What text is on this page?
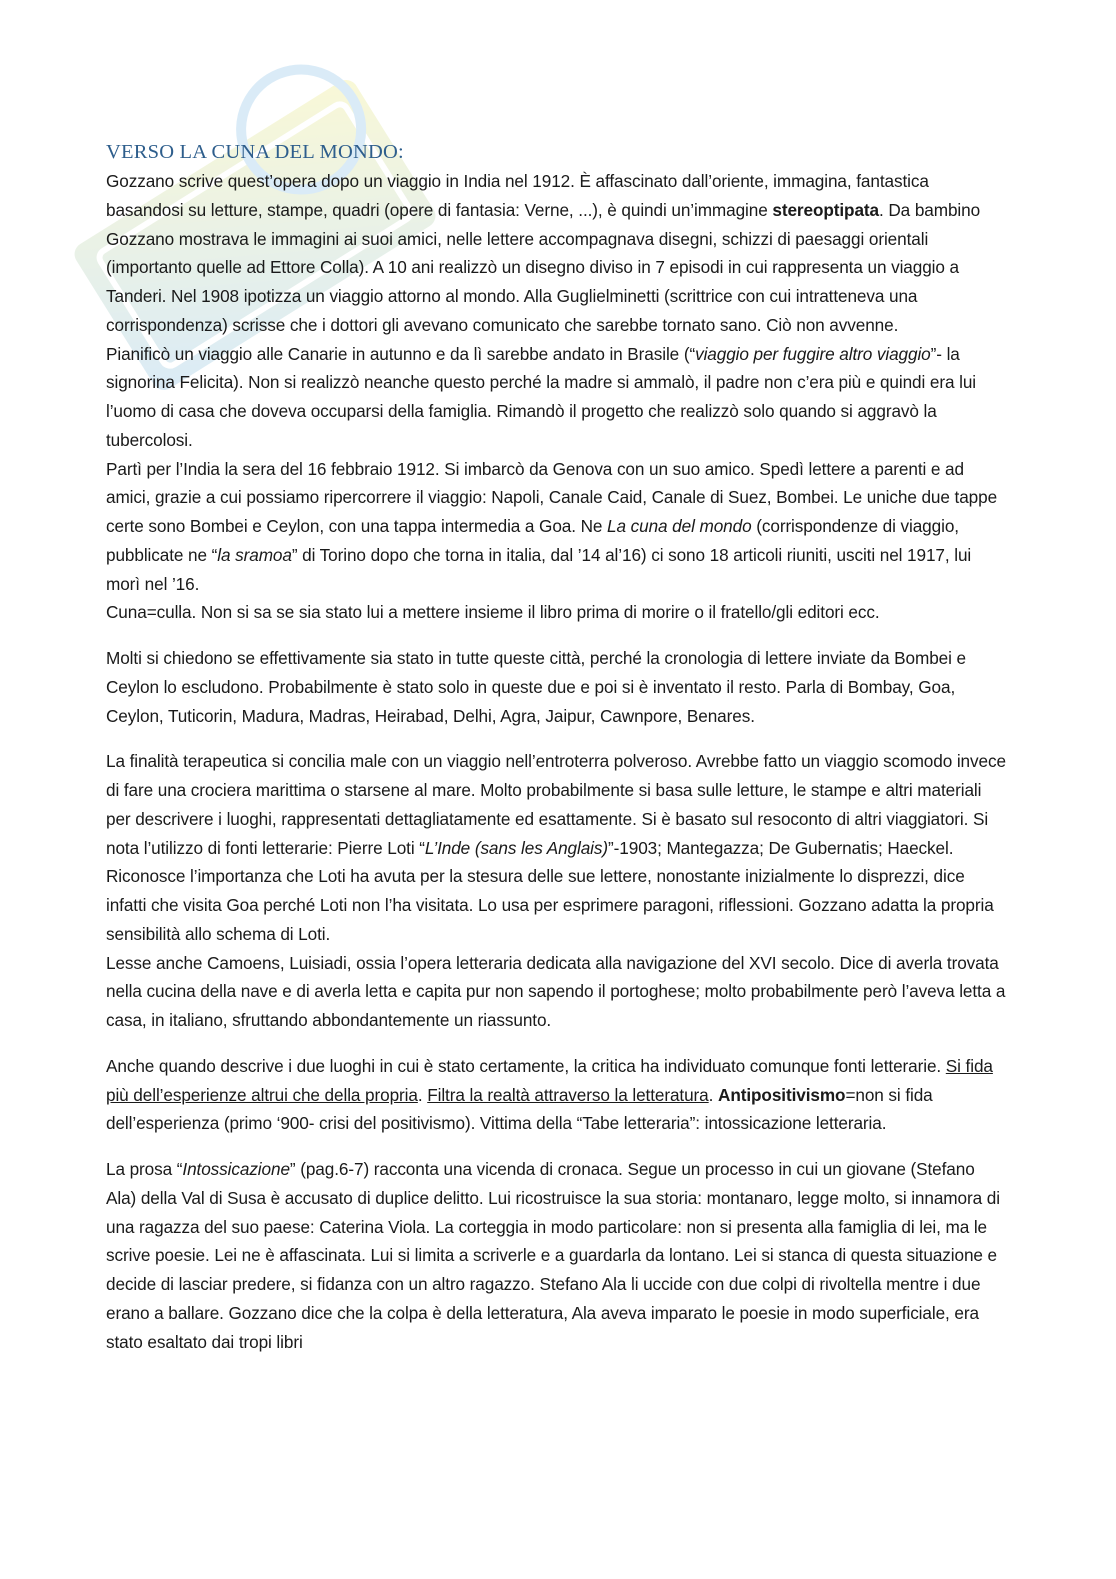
VERSO LA CUNA DEL MONDO:

Gozzano scrive quest’opera dopo un viaggio in India nel 1912. È affascinato dall’oriente, immagina, fantastica basandosi su letture, stampe, quadri (opere di fantasia: Verne, ...), è quindi un’immagine stereoptipata. Da bambino Gozzano mostrava le immagini ai suoi amici, nelle lettere accompagnava disegni, schizzi di paesaggi orientali (importanto quelle ad Ettore Colla). A 10 ani realizzò un disegno diviso in 7 episodi in cui rappresenta un viaggio a Tanderi. Nel 1908 ipotizza un viaggio attorno al mondo. Alla Guglielminetti (scrittrice con cui intratteneva una corrispondenza) scrisse che i dottori gli avevano comunicato che sarebbe tornato sano. Ciò non avvenne.

Pianificò un viaggio alle Canarie in autunno e da lì sarebbe andato in Brasile (“viaggio per fuggire altro viaggio”- la signorina Felicita). Non si realizzò neanche questo perché la madre si ammalò, il padre non c’era più e quindi era lui l’uomo di casa che doveva occuparsi della famiglia. Rimandò il progetto che realizzò solo quando si aggravò la tubercolosi.

Partì per l’India la sera del 16 febbraio 1912. Si imbarcò da Genova con un suo amico. Spedì lettere a parenti e ad amici, grazie a cui possiamo ripercorrere il viaggio: Napoli, Canale Caid, Canale di Suez, Bombei. Le uniche due tappe certe sono Bombei e Ceylon, con una tappa intermedia a Goa. Ne La cuna del mondo (corrispondenze di viaggio, pubblicate ne “la sramoa” di Torino dopo che torna in italia, dal ’14 al’16) ci sono 18 articoli riuniti, usciti nel 1917, lui morì nel ’16.

Cuna=culla. Non si sa se sia stato lui a mettere insieme il libro prima di morire o il fratello/gli editori ecc.

Molti si chiedono se effettivamente sia stato in tutte queste città, perché la cronologia di lettere inviate da Bombei e Ceylon lo escludono. Probabilmente è stato solo in queste due e poi si è inventato il resto. Parla di Bombay, Goa, Ceylon, Tuticorin, Madura, Madras, Heirabad, Delhi, Agra, Jaipur, Cawnpore, Benares.

La finalità terapeutica si concilia male con un viaggio nell’entroterra polveroso. Avrebbe fatto un viaggio scomodo invece di fare una crociera marittima o starsene al mare. Molto probabilmente si basa sulle letture, le stampe e altri materiali per descrivere i luoghi, rappresentati dettagliatamente ed esattamente. Si è basato sul resoconto di altri viaggiatori. Si nota l’utilizzo di fonti letterarie: Pierre Loti “L’Inde (sans les Anglais)”-1903; Mantegazza; De Gubernatis; Haeckel. Riconosce l’importanza che Loti ha avuta per la stesura delle sue lettere, nonostante inizialmente lo disprezzi, dice infatti che visita Goa perché Loti non l’ha visitata. Lo usa per esprimere paragoni, riflessioni. Gozzano adatta la propria sensibilità allo schema di Loti.

Lesse anche Camoens, Luisiadi, ossia l’opera letteraria dedicata alla navigazione del XVI secolo. Dice di averla trovata nella cucina della nave e di averla letta e capita pur non sapendo il portoghese; molto probabilmente però l’aveva letta a casa, in italiano, sfruttando abbondantemente un riassunto.

Anche quando descrive i due luoghi in cui è stato certamente, la critica ha individuato comunque fonti letterarie. Si fida più dell’esperienze altrui che della propria. Filtra la realtà attraverso la letteratura. Antipositivismo=non si fida dell’esperienza (primo ‘900- crisi del positivismo). Vittima della “Tabe letteraria”: intossicazione letteraria.

La prosa “Intossicazione” (pag.6-7) racconta una vicenda di cronaca. Segue un processo in cui un giovane (Stefano Ala) della Val di Susa è accusato di duplice delitto. Lui ricostruisce la sua storia: montanaro, legge molto, si innamora di una ragazza del suo paese: Caterina Viola. La corteggia in modo particolare: non si presenta alla famiglia di lei, ma le scrive poesie. Lei ne è affascinata. Lui si limita a scriverle e a guardarla da lontano. Lei si stanca di questa situazione e decide di lasciar predere, si fidanza con un altro ragazzo. Stefano Ala li uccide con due colpi di rivoltella mentre i due erano a ballare. Gozzano dice che la colpa è della letteratura, Ala aveva imparato le poesie in modo superficiale, era stato esaltato dai tropi libri
